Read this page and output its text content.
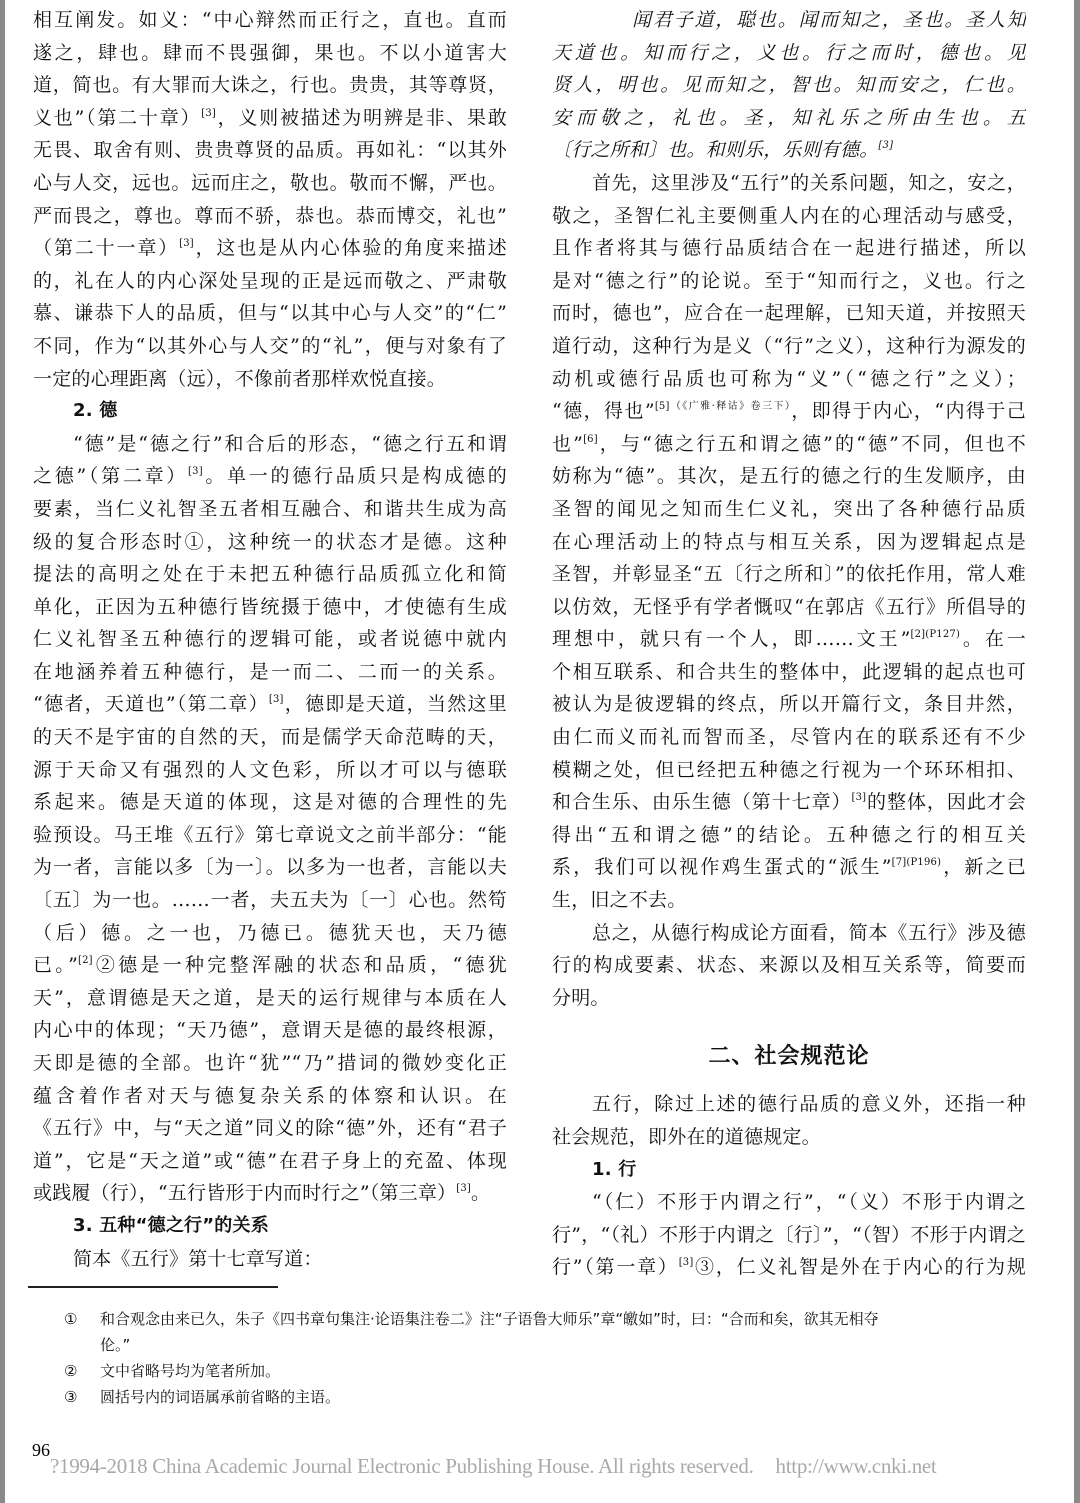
相互阐发。如义：“中心辩然而正行之，直也。直而
遂之，肆也。肆而不畏强御，果也。不以小道害大
道，简也。有大罪而大诛之，行也。贵贵，其等尊贤，
义也”（第二十章）[3]，义则被描述为明辨是非、果敢
无畏、取舍有则、贵贵尊贤的品质。再如礼：“以其外
心与人交，远也。远而庄之，敬也。敬而不懈，严也。
严而畏之，尊也。尊而不骄，恭也。恭而博交，礼也”
（第二十一章）[3]，这也是从内心体验的角度来描述
的，礼在人的内心深处呈现的正是远而敬之、严肃敬
慕、谦恭下人的品质，但与“以其中心与人交”的“仁”
不同，作为“以其外心与人交”的“礼”，便与对象有了
一定的心理距离（远），不像前者那样欢悦直接。
2. 德
“德”是“德之行”和合后的形态，“德之行五和谓
之德”（第二章）[3]。单一的德行品质只是构成德的
要素，当仁义礼智圣五者相互融合、和谐共生成为高
级的复合形态时①，这种统一的状态才是德。这种
提法的高明之处在于未把五种德行品质孤立化和简
单化，正因为五种德行皆统摄于德中，才使德有生成
仁义礼智圣五种德行的逻辑可能，或者说德中就内
在地涵养着五种德行，是一而二、二而一的关系。
“德者，天道也”（第二章）[3]，德即是天道，当然这里
的天不是宇宙的自然的天，而是儒学天命范畴的天，
源于天命又有强烈的人文色彩，所以才可以与德联
系起来。德是天道的体现，这是对德的合理性的先
验预设。马王堆《五行》第七章说文之前半部分：“能
为一者，言能以多〔为一〕。以多为一也者，言能以夫
〔五〕为一也。……一者，夫五夫为〔一〕心也。然笱
（后）德。之一也，乃德已。德犹天也，天乃德
已。”[2]②德是一种完整浑融的状态和品质，“德犹
天”，意谓德是天之道，是天的运行规律与本质在人
内心中的体现；“天乃德”，意谓天是德的最终根源，
天即是德的全部。也许“犹”“乃”措词的微妙变化正
蕴含着作者对天与德复杂关系的体察和认识。在
《五行》中，与“天之道”同义的除“德”外，还有“君子
道”，它是“天之道”或“德”在君子身上的充盈、体现
或践履（行），“五行皆形于内而时行之”（第三章）[3]。
3. 五种“德之行”的关系
简本《五行》第十七章写道：
闻君子道，聪也。闻而知之，圣也。圣人知
天道也。知而行之，义也。行之而时，德也。见
贤人，明也。见而知之，智也。知而安之，仁也。
安而敬之，礼也。圣，知礼乐之所由生也。五
〔行之所和〕也。和则乐，乐则有德。[3]
首先，这里涉及“五行”的关系问题，知之，安之，
敬之，圣智仁礼主要侧重人内在的心理活动与感受，
且作者将其与德行品质结合在一起进行描述，所以
是对“德之行”的论说。至于“知而行之，义也。行之
而时，德也”，应合在一起理解，已知天道，并按照天
道行动，这种行为是义（“行”之义），这种行为源发的
动机或德行品质也可称为“义”（“德之行”之义）；
“德，得也”$^{[5](《广雅\cdot 释诂》卷三下)}$，即得于内心，“内得于己
也”[6]，与“德之行五和谓之德”的“德”不同，但也不
妨称为“德”。其次，是五行的德之行的生发顺序，由
圣智的闻见之知而生仁义礼，突出了各种德行品质
在心理活动上的特点与相互关系，因为逻辑起点是
圣智，并彰显圣“五〔行之所和〕”的依托作用，常人难
以仿效，无怪乎有学者慨叹“在郭店《五行》所倡导的
理想中，就只有一个人，即……文王”$^{[2](P127)}$。在一
个相互联系、和合共生的整体中，此逻辑的起点也可
被认为是彼逻辑的终点，所以开篇行文，条目井然，
由仁而义而礼而智而圣，尽管内在的联系还有不少
模糊之处，但已经把五种德之行视为一个环环相扣、
和合生乐、由乐生德（第十七章）[3]的整体，因此才会
得出“五和谓之德”的结论。五种德之行的相互关
系，我们可以视作鸡生蛋式的“派生”$^{[7](P196)}$，新之已
生，旧之不去。
总之，从德行构成论方面看，简本《五行》涉及德
行的构成要素、状态、来源以及相互关系等，简要而
分明。
二、社会规范论
五行，除过上述的德行品质的意义外，还指一种
社会规范，即外在的道德规定。
1. 行
“（仁）不形于内谓之行”，“（义）不形于内谓之
行”，“（礼）不形于内谓之〔行〕”，“（智）不形于内谓之
行”（第一章）[3]③，仁义礼智是外在于内心的行为规
① 和合观念由来已久，朱子《四书章句集注·论语集注卷二》注“子语鲁大师乐”章“皦如”时，曰：“合而和矣，欲其无相夺
伦。”
② 文中省略号均为笔者所加。
③ 圆括号内的词语属承前省略的主语。
96
?1994-2018 China Academic Journal Electronic Publishing House. All rights reserved. http://www.cnki.net
